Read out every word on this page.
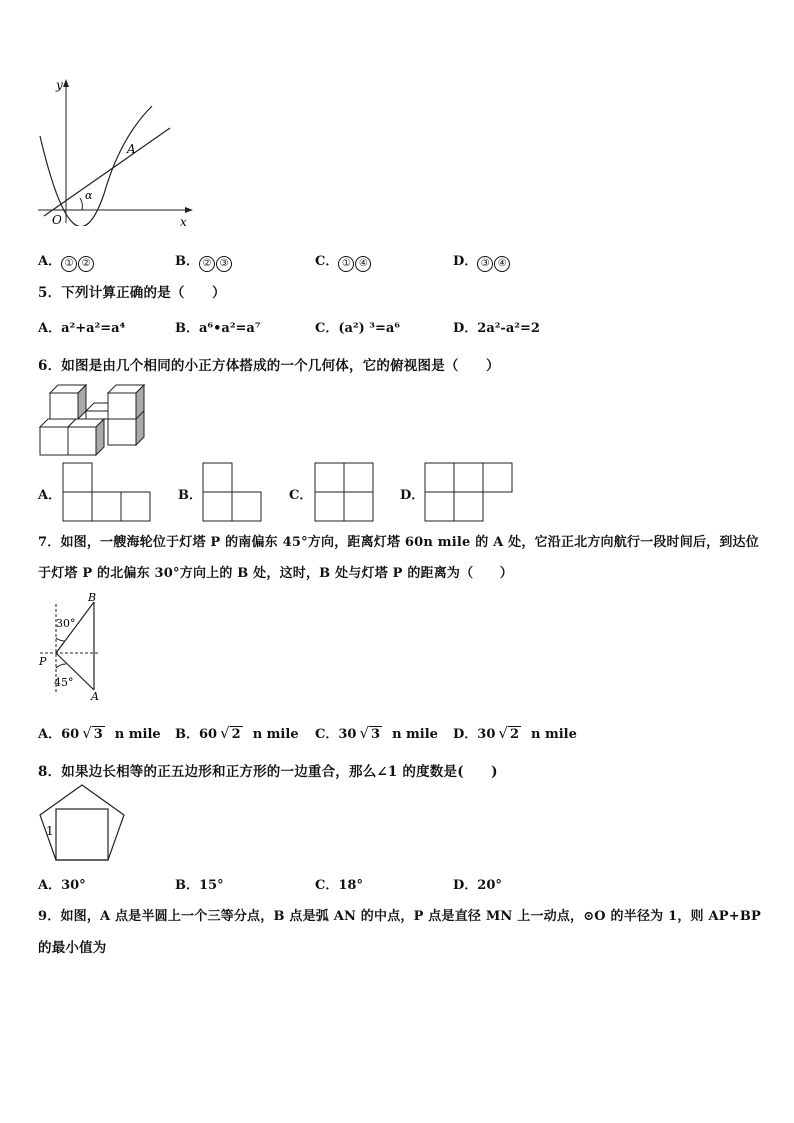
y
x
O
A
α
A． ① ②	B． ② ③	C． ① ④	D． ③ ④
5．下列计算正确的是（　　）
A．a²+a²=a⁴	B．a⁶•a²=a⁷	C．(a²) ³=a⁶	D．2a²-a²=2
6．如图是由几个相同的小正方体搭成的一个几何体，它的俯视图是（　　）
A．	B．	C．	D．
7．如图，一艘海轮位于灯塔 P 的南偏东 45°方向，距离灯塔 60n mile 的 A 处，它沿正北方向航行一段时间后，到达位
于灯塔 P 的北偏东 30°方向上的 B 处，这时，B 处与灯塔 P 的距离为（　　）
B
P
A
30°
45°
A．60 √ 3 n mile B．60 √ 2 n mile C．30 √ 3 n mile D．30 √ 2 n mile
8．如果边长相等的正五边形和正方形的一边重合，那么∠1 的度数是(　　)
1
A．30°	B．15°	C．18°	D．20°
9．如图，A 点是半圆上一个三等分点，B 点是弧 AN 的中点，P 点是直径 MN 上一动点，⊙O 的半径为 1，则 AP+BP
的最小值为
